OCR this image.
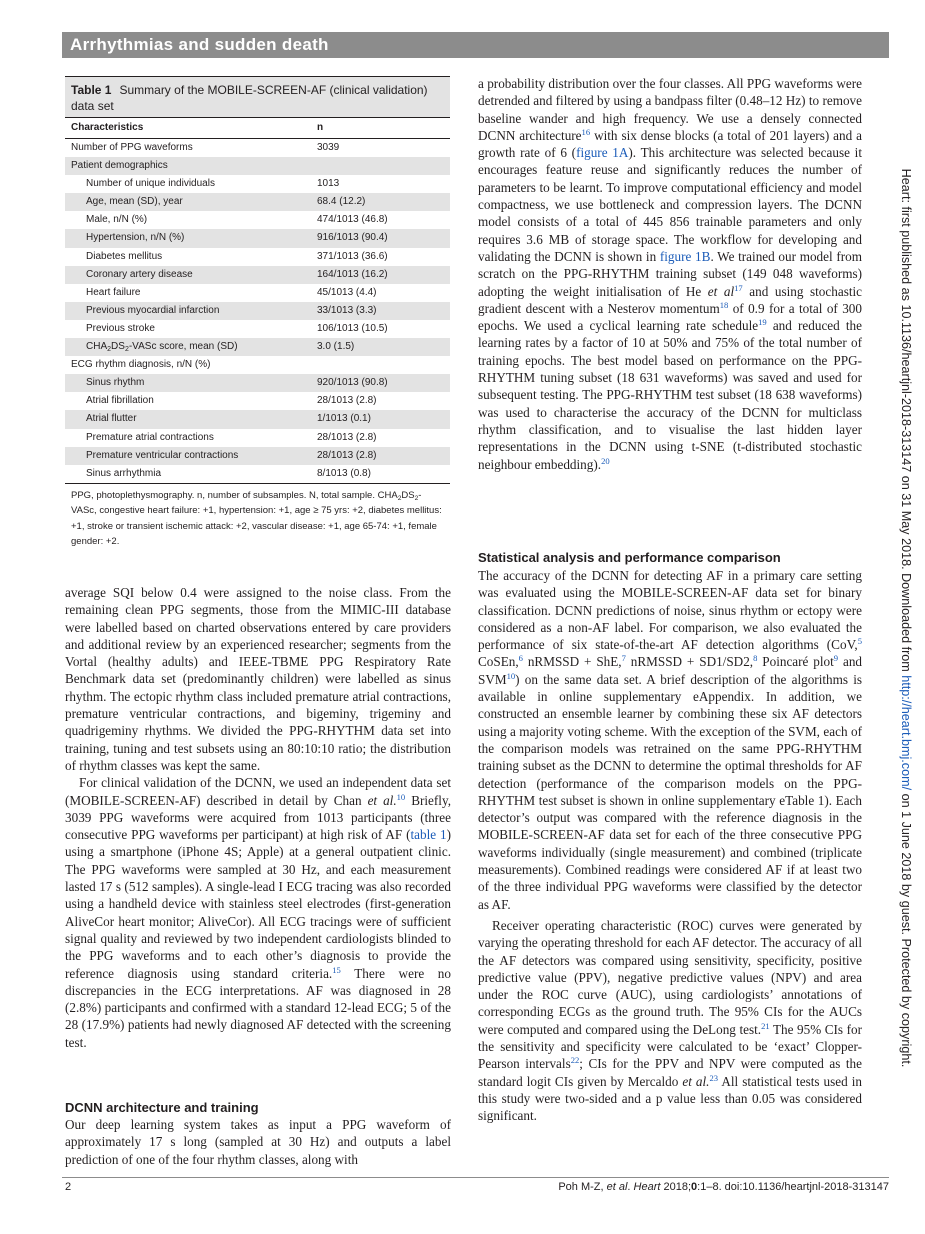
Arrhythmias and sudden death
Table 1 Summary of the MOBILE-SCREEN-AF (clinical validation) data set
Characteristics	n
Number of PPG waveforms	3039
Patient demographics
Number of unique individuals	1013
Age, mean (SD), year	68.4 (12.2)
Male, n/N (%)	474/1013 (46.8)
Hypertension, n/N (%)	916/1013 (90.4)
Diabetes mellitus	371/1013 (36.6)
Coronary artery disease	164/1013 (16.2)
Heart failure	45/1013 (4.4)
Previous myocardial infarction	33/1013 (3.3)
Previous stroke	106/1013 (10.5)
$CHA_2DS_2$-VASc score, mean (SD)	3.0 (1.5)
ECG rhythm diagnosis, n/N (%)
Sinus rhythm	920/1013 (90.8)
Atrial fibrillation	28/1013 (2.8)
Atrial flutter	1/1013 (0.1)
Premature atrial contractions	28/1013 (2.8)
Premature ventricular contractions	28/1013 (2.8)
Sinus arrhythmia	8/1013 (0.8)
PPG, photoplethysmography. n, number of subsamples. N, total sample. $CHA_2DS_2$-VASc, congestive heart failure: +1, hypertension: +1, age ≥ 75 yrs: +2, diabetes mellitus: +1, stroke or transient ischemic attack: +2, vascular disease: +1, age 65-74: +1, female gender: +2.

average SQI below 0.4 were assigned to the noise class. From the remaining clean PPG segments, those from the MIMIC-III database were labelled based on charted observations entered by care providers and additional review by an experienced researcher; segments from the Vortal (healthy adults) and IEEE-TBME PPG Respiratory Rate Benchmark data set (predominantly children) were labelled as sinus rhythm. The ectopic rhythm class included premature atrial contractions, premature ventricular contractions, and bigeminy, trigeminy and quadrigeminy rhythms. We divided the PPG-RHYTHM data set into training, tuning and test subsets using an 80:10:10 ratio; the distribution of rhythm classes was kept the same.

For clinical validation of the DCNN, we used an independent data set (MOBILE-SCREEN-AF) described in detail by Chan et al.$^{10}$ Briefly, 3039 PPG waveforms were acquired from 1013 participants (three consecutive PPG waveforms per participant) at high risk of AF (table 1) using a smartphone (iPhone 4S; Apple) at a general outpatient clinic. The PPG waveforms were sampled at 30 Hz, and each measurement lasted 17 s (512 samples). A single-lead I ECG tracing was also recorded using a handheld device with stainless steel electrodes (first-generation AliveCor heart monitor; AliveCor). All ECG tracings were of sufficient signal quality and reviewed by two independent cardiologists blinded to the PPG waveforms and to each other’s diagnosis to provide the reference diagnosis using standard criteria.$^{15}$ There were no discrepancies in the ECG interpretations. AF was diagnosed in 28 (2.8%) participants and confirmed with a standard 12-lead ECG; 5 of the 28 (17.9%) patients had newly diagnosed AF detected with the screening test.

DCNN architecture and training

Our deep learning system takes as input a PPG waveform of approximately 17 s long (sampled at 30 Hz) and outputs a label prediction of one of the four rhythm classes, along with

a probability distribution over the four classes. All PPG waveforms were detrended and filtered by using a bandpass filter (0.48–12 Hz) to remove baseline wander and high frequency. We use a densely connected DCNN architecture$^{16}$ with six dense blocks (a total of 201 layers) and a growth rate of 6 (figure 1A). This architecture was selected because it encourages feature reuse and significantly reduces the number of parameters to be learnt. To improve computational efficiency and model compactness, we use bottleneck and compression layers. The DCNN model consists of a total of 445 856 trainable parameters and only requires 3.6 MB of storage space. The workflow for developing and validating the DCNN is shown in figure 1B. We trained our model from scratch on the PPG-RHYTHM training subset (149 048 waveforms) adopting the weight initialisation of He et $al^{17}$ and using stochastic gradient descent with a Nesterov momentum$^{18}$ of 0.9 for a total of 300 epochs. We used a cyclical learning rate schedule$^{19}$ and reduced the learning rates by a factor of 10 at 50% and 75% of the total number of training epochs. The best model based on performance on the PPG-RHYTHM tuning subset (18 631 waveforms) was saved and used for subsequent testing. The PPG-RHYTHM test subset (18 638 waveforms) was used to characterise the accuracy of the DCNN for multiclass rhythm classification, and to visualise the last hidden layer representations in the DCNN using t-SNE (t-distributed stochastic neighbour embedding).$^{20}$

Statistical analysis and performance comparison

The accuracy of the DCNN for detecting AF in a primary care setting was evaluated using the MOBILE-SCREEN-AF data set for binary classification. DCNN predictions of noise, sinus rhythm or ectopy were considered as a non-AF label. For comparison, we also evaluated the performance of six state-of-the-art AF detection algorithms (CoV,$^5$ CoSEn,$^6$ nRMSSD + ShE,$^7$ nRMSSD + SD1/SD2,$^8$ Poincaré plot$^9$ and SVM$^{10}$) on the same data set. A brief description of the algorithms is available in online supplementary eAppendix. In addition, we constructed an ensemble learner by combining these six AF detectors using a majority voting scheme. With the exception of the SVM, each of the comparison models was retrained on the same PPG-RHYTHM training subset as the DCNN to determine the optimal thresholds for AF detection (performance of the comparison models on the PPG-RHYTHM test subset is shown in online supplementary eTable 1). Each detector’s output was compared with the reference diagnosis in the MOBILE-SCREEN-AF data set for each of the three consecutive PPG waveforms individually (single measurement) and combined (triplicate measurements). Combined readings were considered AF if at least two of the three individual PPG waveforms were classified by the detector as AF.

Receiver operating characteristic (ROC) curves were generated by varying the operating threshold for each AF detector. The accuracy of all the AF detectors was compared using sensitivity, specificity, positive predictive value (PPV), negative predictive values (NPV) and area under the ROC curve (AUC), using cardiologists’ annotations of corresponding ECGs as the ground truth. The 95% CIs for the AUCs were computed and compared using the DeLong test.$^{21}$ The 95% CIs for the sensitivity and specificity were calculated to be ‘exact’ Clopper-Pearson intervals$^{22}$; CIs for the PPV and NPV were computed as the standard logit CIs given by Mercaldo et al.$^{23}$ All statistical tests used in this study were two-sided and a p value less than 0.05 was considered significant.

Heart: first published as 10.1136/heartjnl-2018-313147 on 31 May 2018. Downloaded from http://heart.bmj.com/ on 1 June 2018 by guest. Protected by copyright.
2	Poh M-Z, et al. Heart 2018;0:1–8. doi:10.1136/heartjnl-2018-313147
